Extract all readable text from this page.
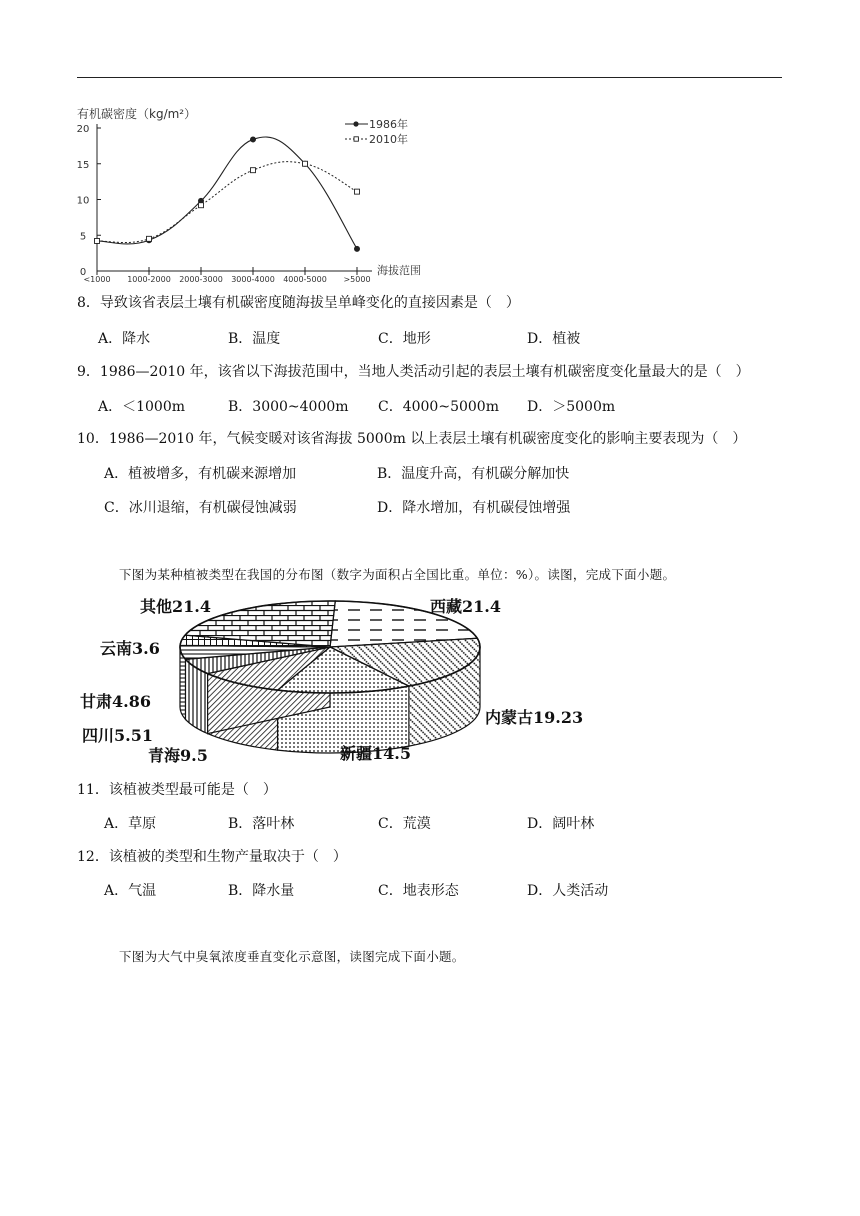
有机碳密度（kg/m²）
0
5
10
15
20
<1000 1000-2000 2000-3000 3000-4000 4000-5000 >5000
1986年
2010年
海拔范围
8．导致该省表层土壤有机碳密度随海拔呈单峰变化的直接因素是（　）
A．降水	B．温度	C．地形	D．植被
9．1986—2010 年，该省以下海拔范围中，当地人类活动引起的表层土壤有机碳密度变化量最大的是（　）
A．＜1000m	B．3000~4000m C．4000~5000m D．＞5000m
10．1986—2010 年，气候变暖对该省海拔 5000m 以上表层土壤有机碳密度变化的影响主要表现为（　）
A．植被增多，有机碳来源增加	B．温度升高，有机碳分解加快
C．冰川退缩，有机碳侵蚀减弱	D．降水增加，有机碳侵蚀增强
下图为某种植被类型在我国的分布图（数字为面积占全国比重。单位：%）。读图，完成下面小题。
西藏21.4
内蒙古19.23
新疆14.5
青海9.5
四川5.51
甘肃4.86
云南3.6
其他21.4
11．该植被类型最可能是（　）
A．草原	B．落叶林	C．荒漠	D．阔叶林
12．该植被的类型和生物产量取决于（　）
A．气温	B．降水量	C．地表形态	D．人类活动
下图为大气中臭氧浓度垂直变化示意图，读图完成下面小题。
